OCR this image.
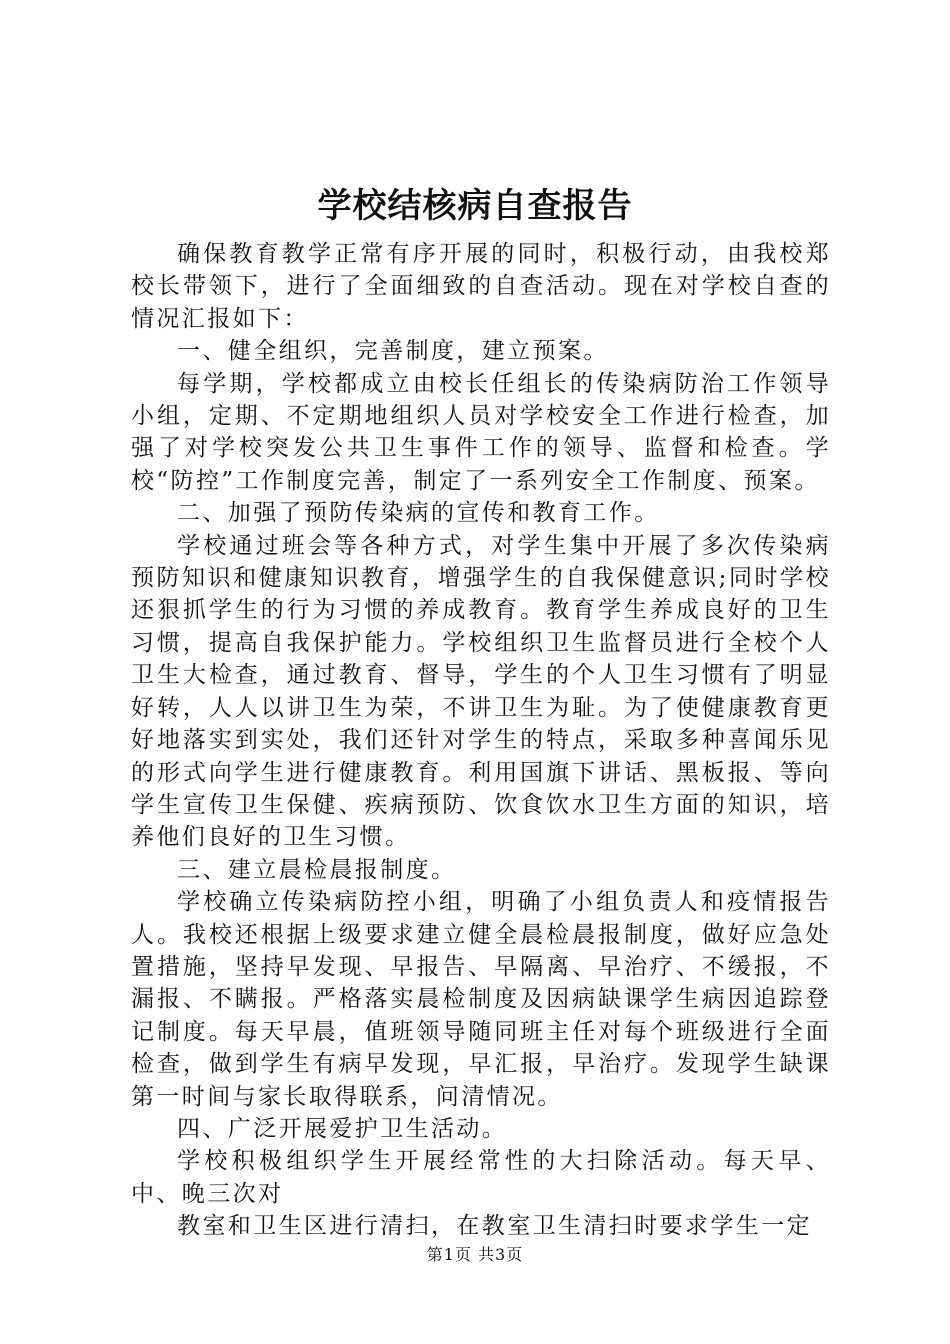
学校结核病自查报告

确保教育教学正常有序开展的同时，积极行动，由我校郑校长带领下，进行了全面细致的自查活动。现在对学校自查的情况汇报如下：

一、健全组织，完善制度，建立预案。

每学期，学校都成立由校长任组长的传染病防治工作领导小组，定期、不定期地组织人员对学校安全工作进行检查，加强了对学校突发公共卫生事件工作的领导、监督和检查。学校“防控”工作制度完善，制定了一系列安全工作制度、预案。

二、加强了预防传染病的宣传和教育工作。

学校通过班会等各种方式，对学生集中开展了多次传染病预防知识和健康知识教育，增强学生的自我保健意识;同时学校还狠抓学生的行为习惯的养成教育。教育学生养成良好的卫生习惯，提高自我保护能力。学校组织卫生监督员进行全校个人卫生大检查，通过教育、督导，学生的个人卫生习惯有了明显好转，人人以讲卫生为荣，不讲卫生为耻。为了使健康教育更好地落实到实处，我们还针对学生的特点，采取多种喜闻乐见的形式向学生进行健康教育。利用国旗下讲话、黑板报、等向学生宣传卫生保健、疾病预防、饮食饮水卫生方面的知识，培养他们良好的卫生习惯。

三、建立晨检晨报制度。

学校确立传染病防控小组，明确了小组负责人和疫情报告人。我校还根据上级要求建立健全晨检晨报制度，做好应急处置措施，坚持早发现、早报告、早隔离、早治疗、不缓报，不漏报、不瞒报。严格落实晨检制度及因病缺课学生病因追踪登记制度。每天早晨，值班领导随同班主任对每个班级进行全面检查，做到学生有病早发现，早汇报，早治疗。发现学生缺课第一时间与家长取得联系，问清情况。

四、广泛开展爱护卫生活动。

学校积极组织学生开展经常性的大扫除活动。每天早、中、晚三次对

教室和卫生区进行清扫，在教室卫生清扫时要求学生一定

第1页 共3页
